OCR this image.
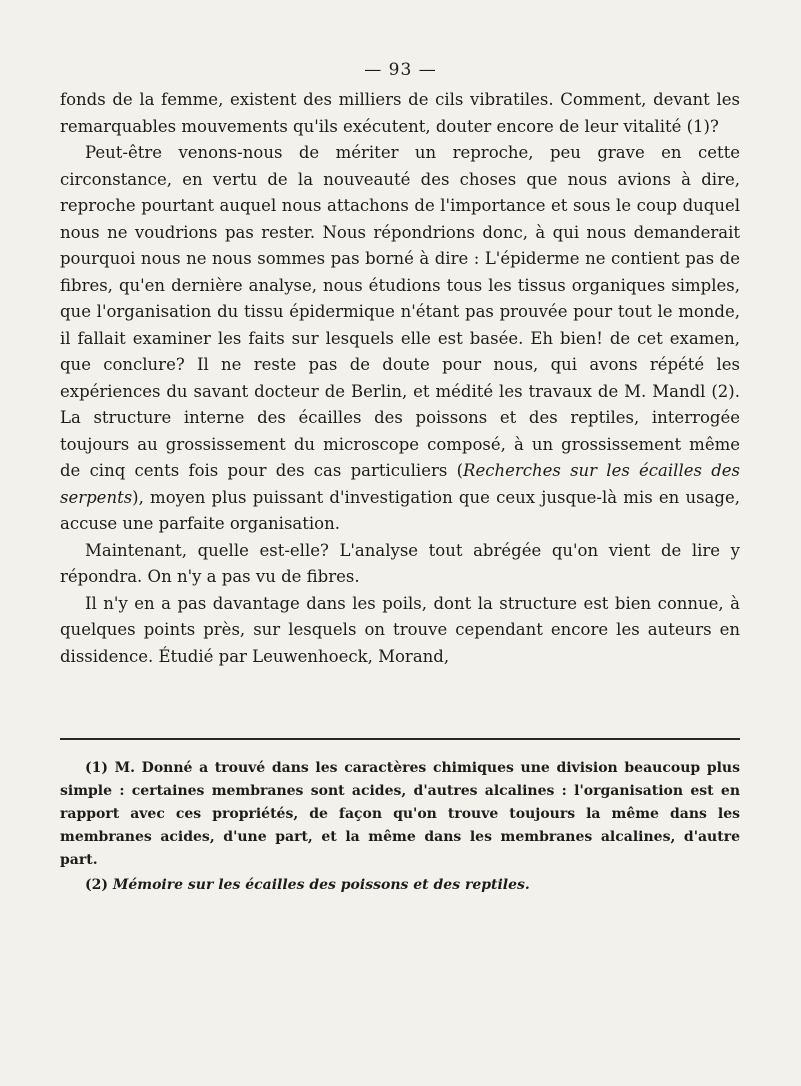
— 93 —

fonds de la femme, existent des milliers de cils vibratiles. Comment, devant les remarquables mouvements qu'ils exécutent, douter encore de leur vitalité (1)?

Peut-être venons-nous de mériter un reproche, peu grave en cette circonstance, en vertu de la nouveauté des choses que nous avions à dire, reproche pourtant auquel nous attachons de l'importance et sous le coup duquel nous ne voudrions pas rester. Nous répondrions donc, à qui nous demanderait pourquoi nous ne nous sommes pas borné à dire : L'épiderme ne contient pas de fibres, qu'en dernière analyse, nous étudions tous les tissus organiques simples, que l'organisation du tissu épidermique n'étant pas prouvée pour tout le monde, il fallait examiner les faits sur lesquels elle est basée. Eh bien! de cet examen, que conclure? Il ne reste pas de doute pour nous, qui avons répété les expériences du savant docteur de Berlin, et médité les travaux de M. Mandl (2). La structure interne des écailles des poissons et des reptiles, interrogée toujours au grossissement du microscope composé, à un grossissement même de cinq cents fois pour des cas particuliers (Recherches sur les écailles des serpents), moyen plus puissant d'investigation que ceux jusque-là mis en usage, accuse une parfaite organisation.

Maintenant, quelle est-elle? L'analyse tout abrégée qu'on vient de lire y répondra. On n'y a pas vu de fibres.

Il n'y en a pas davantage dans les poils, dont la structure est bien connue, à quelques points près, sur lesquels on trouve cependant encore les auteurs en dissidence. Étudié par Leuwenhoeck, Morand,

(1) M. Donné a trouvé dans les caractères chimiques une division beaucoup plus simple : certaines membranes sont acides, d'autres alcalines : l'organisation est en rapport avec ces propriétés, de façon qu'on trouve toujours la même dans les membranes acides, d'une part, et la même dans les membranes alcalines, d'autre part.

(2) Mémoire sur les écailles des poissons et des reptiles.
